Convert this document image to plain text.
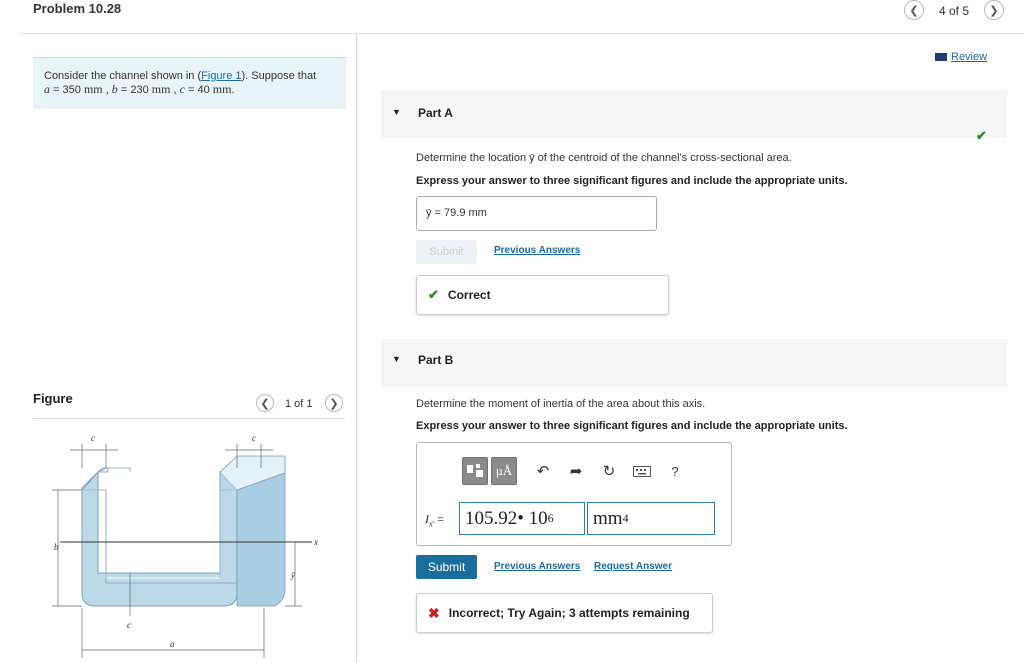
Problem 10.28	❮ 4 of 5 ❯
Review
Consider the channel shown in (Figure 1). Suppose that
a = 350 mm , b = 230 mm , c = 40 mm.
Figure	❮ 1 of 1 ❯
x
c	c
b
ȳ
c
a
▼ Part A
✔
Determine the location ȳ of the centroid of the channel's cross-sectional area.
Express your answer to three significant figures and include the appropriate units.
ȳ = 79.9 mm
Submit	Previous Answers
✔ Correct
▼ Part B
Determine the moment of inertia of the area about this axis.
Express your answer to three significant figures and include the appropriate units.
μÅ	↶ ➦ ↻	?
$I_{x'} = 105.92$ • 10 6 mm 4
Submit	Previous Answers Request Answer
✖ Incorrect; Try Again; 3 attempts remaining
